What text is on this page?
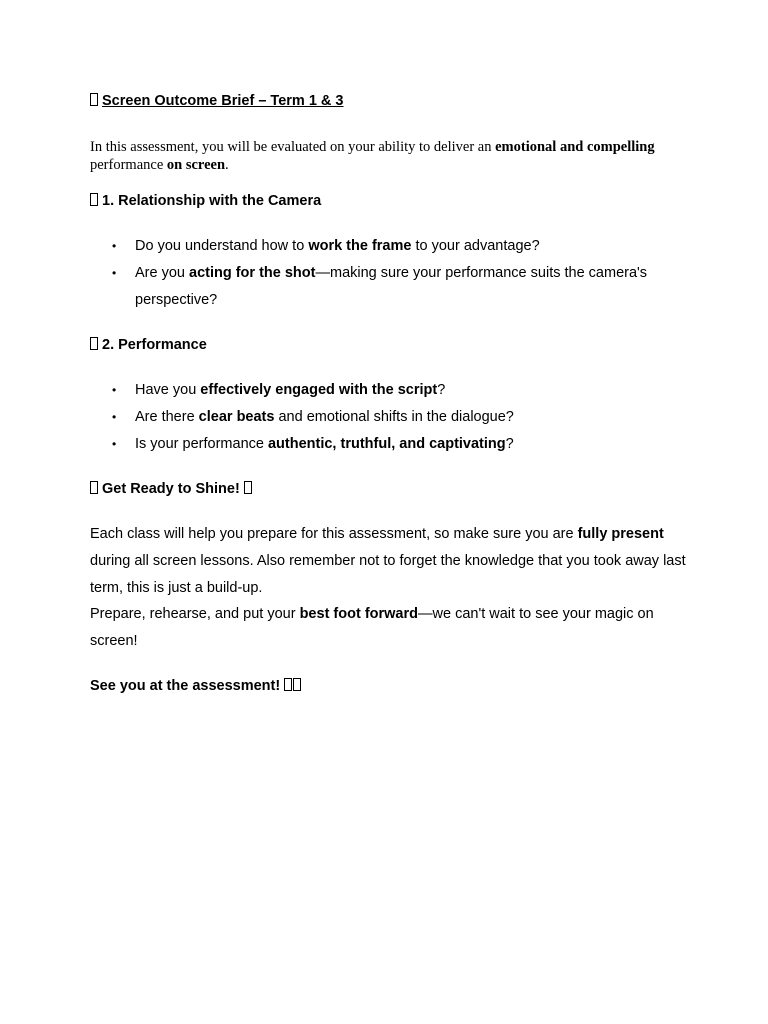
Screen Outcome Brief – Term 1 & 3
In this assessment, you will be evaluated on your ability to deliver an emotional and compelling performance on screen.
1. Relationship with the Camera
• Do you understand how to work the frame to your advantage?
• Are you acting for the shot—making sure your performance suits the camera's perspective?
2. Performance
• Have you effectively engaged with the script?
• Are there clear beats and emotional shifts in the dialogue?
• Is your performance authentic, truthful, and captivating?
Get Ready to Shine!
Each class will help you prepare for this assessment, so make sure you are fully present during all screen lessons. Also remember not to forget the knowledge that you took away last term, this is just a build-up.
Prepare, rehearse, and put your best foot forward—we can't wait to see your magic on screen!
See you at the assessment!
